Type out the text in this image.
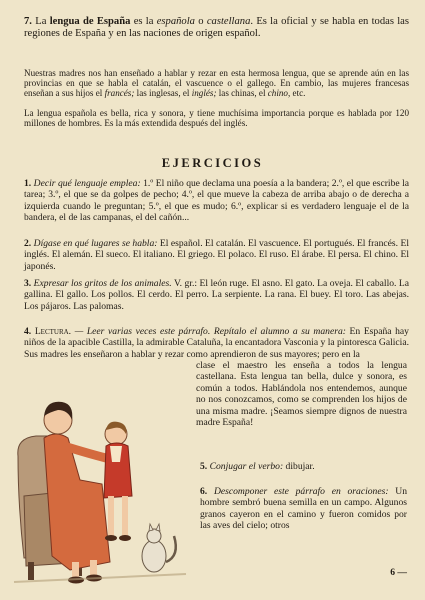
7. La lengua de España es la española o castellana. Es la oficial y se habla en todas las regiones de España y en las naciones de origen español.
Nuestras madres nos han enseñado a hablar y rezar en esta hermosa lengua, que se aprende aún en las provincias en que se habla el catalán, el vascuence o el gallego. En cambio, las mujeres francesas enseñan a sus hijos el francés; las inglesas, el inglés; las chinas, el chino, etc.
La lengua española es bella, rica y sonora, y tiene muchísima importancia porque es hablada por 120 millones de hombres. Es la más extendida después del inglés.
EJERCICIOS
1. Decir qué lenguaje emplea: 1.º El niño que declama una poesía a la bandera; 2.º, el que escribe la tarea; 3.º, el que se da golpes de pecho; 4.º, el que mueve la cabeza de arriba abajo o de derecha a izquierda cuando le preguntan; 5.º, el que es mudo; 6.º, explicar si es verdadero lenguaje el de la bandera, el de las campanas, el del cañón...
2. Dígase en qué lugares se habla: El español. El catalán. El vascuence. El portugués. El francés. El inglés. El alemán. El sueco. El italiano. El griego. El polaco. El ruso. El árabe. El persa. El chino. El japonés.
3. Expresar los gritos de los animales. V. gr.: El león ruge. El asno. El gato. La oveja. El caballo. La gallina. El gallo. Los pollos. El cerdo. El perro. La serpiente. La rana. El buey. El toro. Las abejas. Los pájaros. Las palomas.
4. Lectura. — Leer varias veces este párrafo. Repítalo el alumno a su manera: En España hay niños de la apacible Castilla, la admirable Cataluña, la encantadora Vasconia y la pintoresca Galicia. Sus madres les enseñaron a hablar y rezar como aprendieron de sus mayores; pero en la
clase el maestro les enseña a todos la lengua castellana. Esta lengua tan bella, dulce y sonora, es común a todos. Hablándola nos entendemos, aunque no nos conozcamos, como se comprenden los hijos de una misma madre. ¡Seamos siempre dignos de nuestra madre España!
5. Conjugar el verbo: dibujar.
6. Descomponer este párrafo en oraciones: Un hombre sembró buena semilla en un campo. Algunos granos cayeron en el camino y fueron comidos por las aves del cielo; otros
6 —
